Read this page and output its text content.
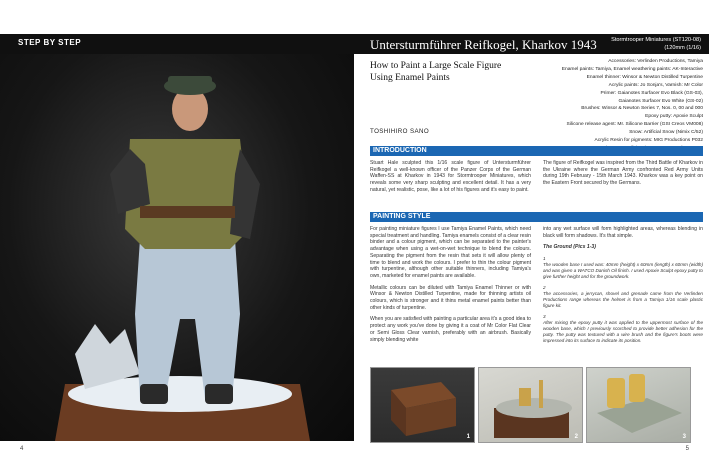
STEP BY STEP
4
Untersturmführer Reifkogel, Kharkov 1943	Stormtrooper Miniatures (ST120-08)
(120mm (1/16)
How to Paint a Large Scale Figure
Using Enamel Paints
Accessories: Verlinden Productions, Tamiya
Enamel paints: Tamiya, Enamel weathering paints: AK-Interactive
Enamel thinner: Winsor & Newton Distilled Turpentine
Acrylic paints: Jo Sonja's, Varnish: Mr Color
Primer: Gaianotes Surfacer Evo Black (GS-03),
Gaianotes Surfacer Evo White (GS-02)
Brushes: Winsor & Newton Series 7, Nos. 0, 00 and 000
Epoxy putty: Apoxie Sculpt
Silicone release agent: Mr. Silicone Barrier (GSI Creos VM008)
Snow: Artificial Snow (Nimix C/52)
Acrylic Resin for pigments: MIG Productions P032
TOSHIHIRO SANO
INTRODUCTION

Stuart Hale sculpted this 1/16 scale figure of Untersturmführer Reifkogel a well-known officer of the Panzer Corps of the German Waffen-SS at Kharkov in 1943 for Stormtrooper Miniatures, which reveals some very sharp sculpting and excellent detail. It has a very natural, yet realistic, pose, like a lot of his figures and it's easy to paint.

The figure of Reifkogel was inspired from the Third Battle of Kharkov in the Ukraine where the German Army confronted Red Army Units during 19th February - 15th March 1943. Kharkov was a key point on the Eastern Front secured by the Germans.

PAINTING STYLE

For painting miniature figures I use Tamiya Enamel Paints, which need special treatment and handling. Tamiya enamels consist of a clear resin binder and a colour pigment, which can be separated to the painter's advantage when using a wet-on-wet technique to blend the colours. Separating the pigment from the resin that sets it will allow plenty of time to blend and work the colours. I prefer to thin the colour pigment with turpentine, although other suitable thinners, including Tamiya's own, marketed for enamel paints are available.

Metallic colours can be diluted with Tamiya Enamel Thinner or with Winsor & Newton Distilled Turpentine, made for thinning artists oil colours, which is stronger and it thins metal enamel paints better than other kinds of turpentine.

When you are satisfied with painting a particular area it's a good idea to protect any work you've done by giving it a coat of Mr Color Flat Clear or Semi Gloss Clear varnish, preferably with an airbrush. Basically simply blending white

into any wet surface will form highlighted areas, whereas blending in black will form shadows. It's that simple.

The Ground (Pics 1-3)

1

The wooden base I used was: 40mm (height) x 60mm (length) x 60mm (width) and was given a WATCO Danish Oil finish. I used Apoxie Sculpt epoxy putty to give further height and for the groundwork.

2

The accessories, a jerrycan, shovel and grenade came from the Verlinden Productions range whereas the helmet is from a Tamiya 1/16 scale plastic figure kit.

3

After mixing the epoxy putty it was applied to the uppermost surface of the wooden base, which I previously scorched to provide better adhesion for the putty. The putty was textured with a wire brush and the figure's boots were impressed into its surface to indicate its position.

1	2	3
5
